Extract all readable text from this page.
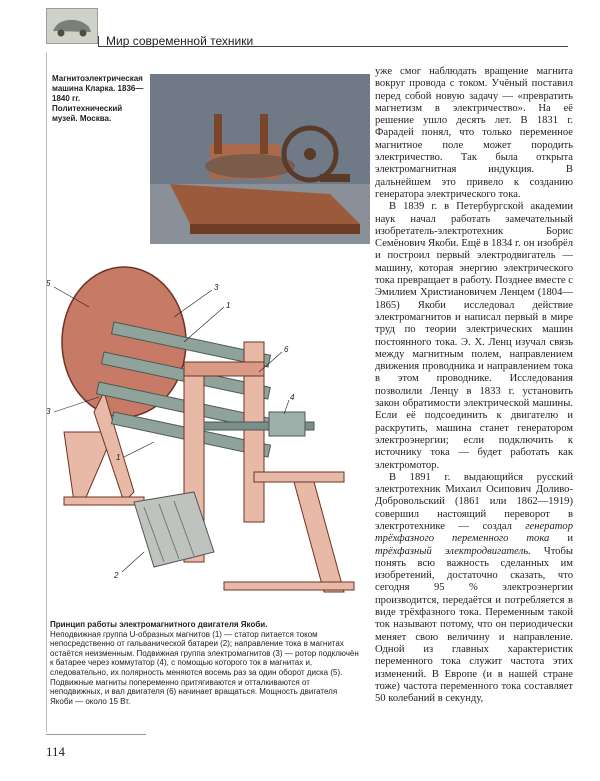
Мир современной техники
Магнитоэлектрическая машина Кларка. 1836—1840 гг. Политехнический музей. Москва.
5	3
1
6
4
3
1
2
Принцип работы электромагнитного двигателя Якоби.
Неподвижная группа U-образных магнитов (1) — статор питается током непосредственно от гальванической батареи (2); направление тока в магнитах остаётся неизменным. Подвижная группа электромагнитов (3) — ротор подключён к батарее через коммутатор (4), с помощью которого ток в магнитах и, следовательно, их полярность меняются восемь раз за один оборот диска (5). Подвижные магниты попеременно притягиваются и отталкиваются от неподвижных, и вал двигателя (6) начинает вращаться. Мощность двигателя Якоби — около 15 Вт.

уже смог наблюдать вращение магнита вокруг провода с током. Учёный поставил перед собой новую задачу — «превратить магнетизм в электричество». На её решение ушло десять лет. В 1831 г. Фарадей понял, что только переменное магнитное поле может породить электричество. Так была открыта электромагнитная индукция. В дальнейшем это привело к созданию генератора электрического тока.

В 1839 г. в Петербургской академии наук начал работать замечательный изобретатель-электротехник Борис Семёнович Якоби. Ещё в 1834 г. он изобрёл и построил первый электродвигатель — машину, которая энергию электрического тока превращает в работу. Позднее вместе с Эмилием Христиановичем Ленцем (1804—1865) Якоби исследовал действие электромагнитов и написал первый в мире труд по теории электрических машин постоянного тока. Э. Х. Ленц изучал связь между магнитным полем, направлением движения проводника и направлением тока в этом проводнике. Исследования позволили Ленцу в 1833 г. установить закон обратимости электрической машины. Если её подсоединить к двигателю и раскрутить, машина станет генератором электроэнергии; если подключить к источнику тока — будет работать как электромотор.

В 1891 г. выдающийся русский электротехник Михаил Осипович Доливо-Добровольский (1861 или 1862—1919) совершил настоящий переворот в электротехнике — создал генератор трёхфазного переменного тока и трёхфазный электродвигатель. Чтобы понять всю важность сделанных им изобретений, достаточно сказать, что сегодня 95 % электроэнергии производится, передаётся и потребляется в виде трёхфазного тока. Переменным такой ток называют потому, что он периодически меняет свою величину и направление. Одной из главных характеристик переменного тока служит частота этих изменений. В Европе (и в нашей стране тоже) частота переменного тока составляет 50 колебаний в секунду,

114
